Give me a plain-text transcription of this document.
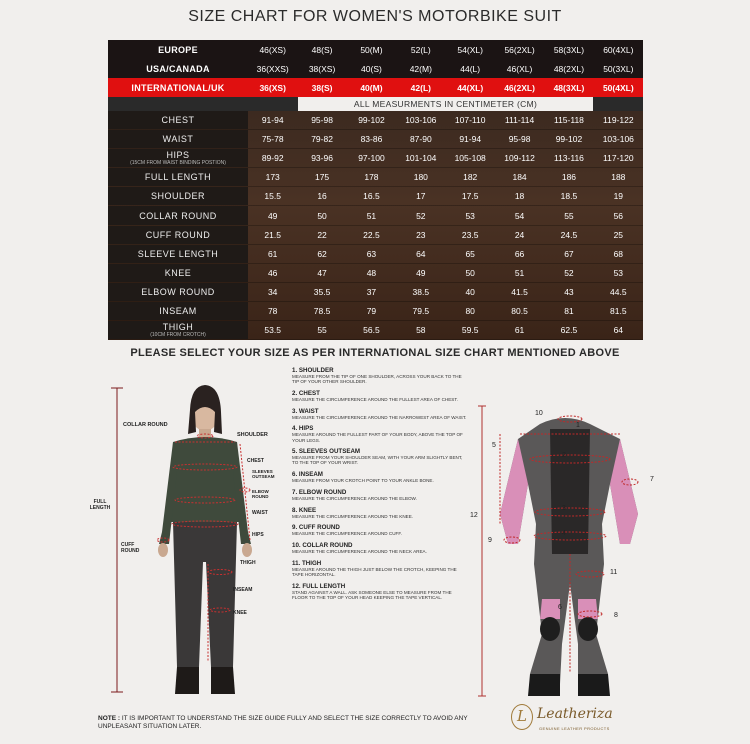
SIZE CHART FOR WOMEN'S MOTORBIKE SUIT
EUROPE	46(XS)	48(S)	50(M)	52(L)	54(XL)	56(2XL)	58(3XL)	60(4XL)
USA/CANADA	36(XXS)	38(XS)	40(S)	42(M)	44(L)	46(XL)	48(2XL)	50(3XL)
INTERNATIONAL/UK	36(XS)	38(S)	40(M)	42(L)	44(XL)	46(2XL)	48(3XL)	50(4XL)
ALL MEASURMENTS IN CENTIMETER (CM)
CHEST	91-94	95-98	99-102	103-106	107-110	111-114	115-118	119-122
WAIST	75-78	79-82	83-86	87-90	91-94	95-98	99-102	103-106
HIPS
(15CM FROM WAIST BINDING POSTION)	89-92	93-96	97-100	101-104	105-108	109-112	113-116	117-120
FULL LENGTH	173	175	178	180	182	184	186	188
SHOULDER	15.5	16	16.5	17	17.5	18	18.5	19
COLLAR ROUND	49	50	51	52	53	54	55	56
CUFF ROUND	21.5	22	22.5	23	23.5	24	24.5	25
SLEEVE LENGTH	61	62	63	64	65	66	67	68
KNEE	46	47	48	49	50	51	52	53
ELBOW ROUND	34	35.5	37	38.5	40	41.5	43	44.5
INSEAM	78	78.5	79	79.5	80	80.5	81	81.5
THIGH
(10CM FROM CROTCH)	53.5	55	56.5	58	59.5	61	62.5	64
PLEASE SELECT YOUR SIZE AS PER INTERNATIONAL SIZE CHART MENTIONED ABOVE
COLLAR ROUND
SHOULDER
CHEST
SLEEVES OUTSEAM
ELBOW ROUND
WAIST
FULL LENGTH
HIPS
CUFF ROUND
THIGH
INSEAM
KNEE
1. SHOULDER
MEASURE FROM THE TIP OF ONE SHOULDER, ACROSS YOUR BACK TO THE TIP OF YOUR OTHER SHOULDER.
2. CHEST
MEASURE THE CIRCUMFERENCE AROUND THE FULLEST AREA OF CHEST.
3. WAIST
MEASURE THE CIRCUMFERENCE AROUND THE NARROWEST AREA OF WAIST.
4. HIPS
MEASURE AROUND THE FULLEST PART OF YOUR BODY, ABOVE THE TOP OF YOUR LEGS.
5. SLEEVES OUTSEAM
MEASURE FROM YOUR SHOULDER SEAM, WITH YOUR ARM SLIGHTLY BENT, TO THE TOP OF YOUR WRIST.
6. INSEAM
MEASURE FROM YOUR CROTCH POINT TO YOUR ANKLE BONE.
7. ELBOW ROUND
MEASURE THE CIRCUMFERENCE AROUND THE ELBOW.
8. KNEE
MEASURE THE CIRCUMFERENCE AROUND THE KNEE.
9. CUFF ROUND
MEASURE THE CIRCUMFERENCE AROUND CUFF.
10. COLLAR ROUND
MEASURE THE CIRCUMFERENCE AROUND THE NECK AREA.
11. THIGH
MEASURE AROUND THE THIGH JUST BELOW THE CROTCH, KEEPING THE TAPE HORIZONTAL.
12. FULL LENGTH
STAND AGAINST A WALL. ASK SOMEONE ELSE TO MEASURE FROM THE FLOOR TO THE TOP OF YOUR HEAD KEEPING THE TAPE VERTICAL.
10
1
2
3
4
5
6
7
8
9
11
12
NOTE : IT IS IMPORTANT TO UNDERSTAND THE SIZE GUIDE FULLY AND SELECT THE SIZE CORRECTLY TO AVOID ANY UNPLEASANT SITUATION LATER.
L Leatheriza
GENUINE LEATHER PRODUCTS
